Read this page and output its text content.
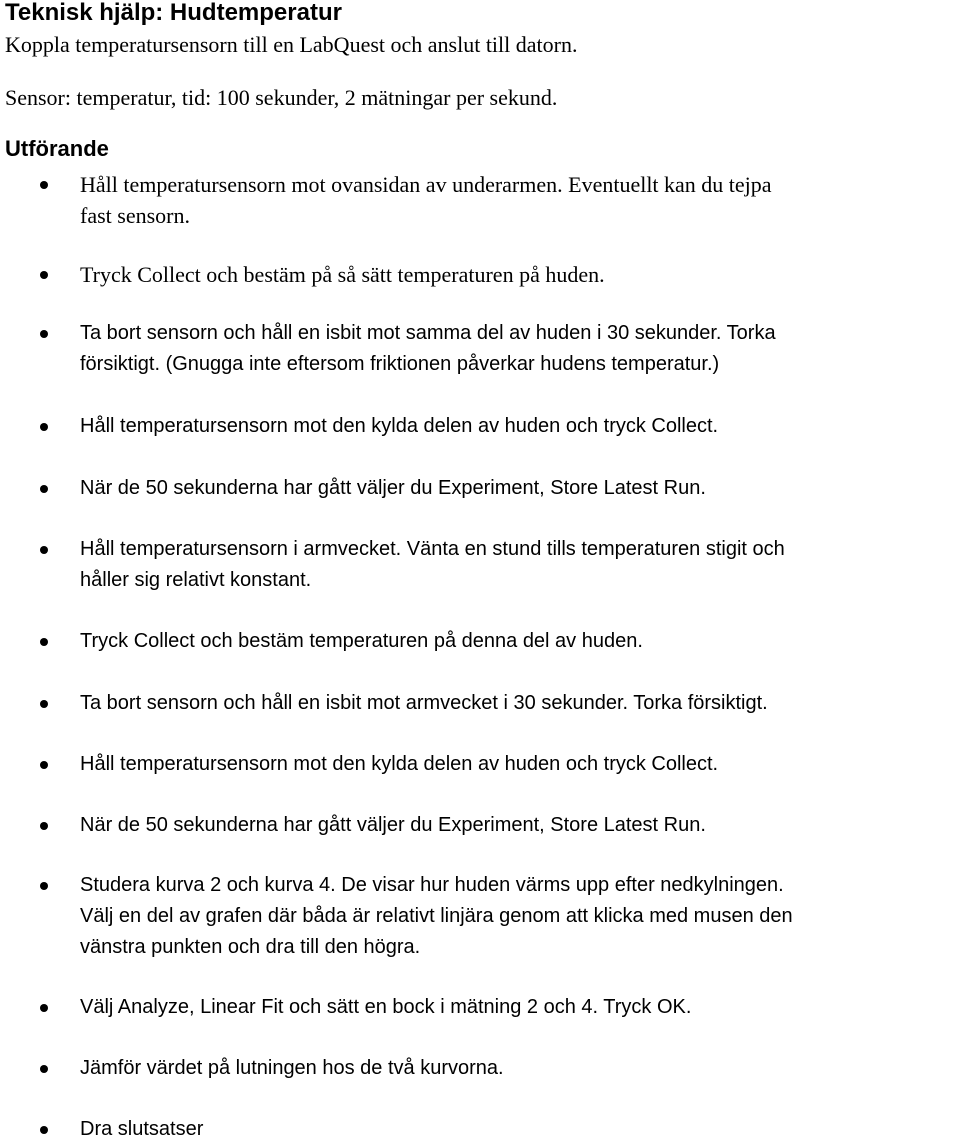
Teknisk hjälp: Hudtemperatur
Koppla temperatursensorn till en LabQuest och anslut till datorn.
Sensor: temperatur, tid: 100 sekunder, 2 mätningar per sekund.
Utförande
Håll temperatursensorn mot ovansidan av underarmen. Eventuellt kan du tejpa
fast sensorn.
Tryck Collect och bestäm på så sätt temperaturen på huden.
Ta bort sensorn och håll en isbit mot samma del av huden i 30 sekunder. Torka
försiktigt. (Gnugga inte eftersom friktionen påverkar hudens temperatur.)
Håll temperatursensorn mot den kylda delen av huden och tryck Collect.
När de 50 sekunderna har gått väljer du Experiment, Store Latest Run.
Håll temperatursensorn i armvecket. Vänta en stund tills temperaturen stigit och
håller sig relativt konstant.
Tryck Collect och bestäm temperaturen på denna del av huden.
Ta bort sensorn och håll en isbit mot armvecket i 30 sekunder. Torka försiktigt.
Håll temperatursensorn mot den kylda delen av huden och tryck Collect.
När de 50 sekunderna har gått väljer du Experiment, Store Latest Run.
Studera kurva 2 och kurva 4. De visar hur huden värms upp efter nedkylningen.
Välj en del av grafen där båda är relativt linjära genom att klicka med musen den
vänstra punkten och dra till den högra.
Välj Analyze, Linear Fit och sätt en bock i mätning 2 och 4. Tryck OK.
Jämför värdet på lutningen hos de två kurvorna.
Dra slutsatser
